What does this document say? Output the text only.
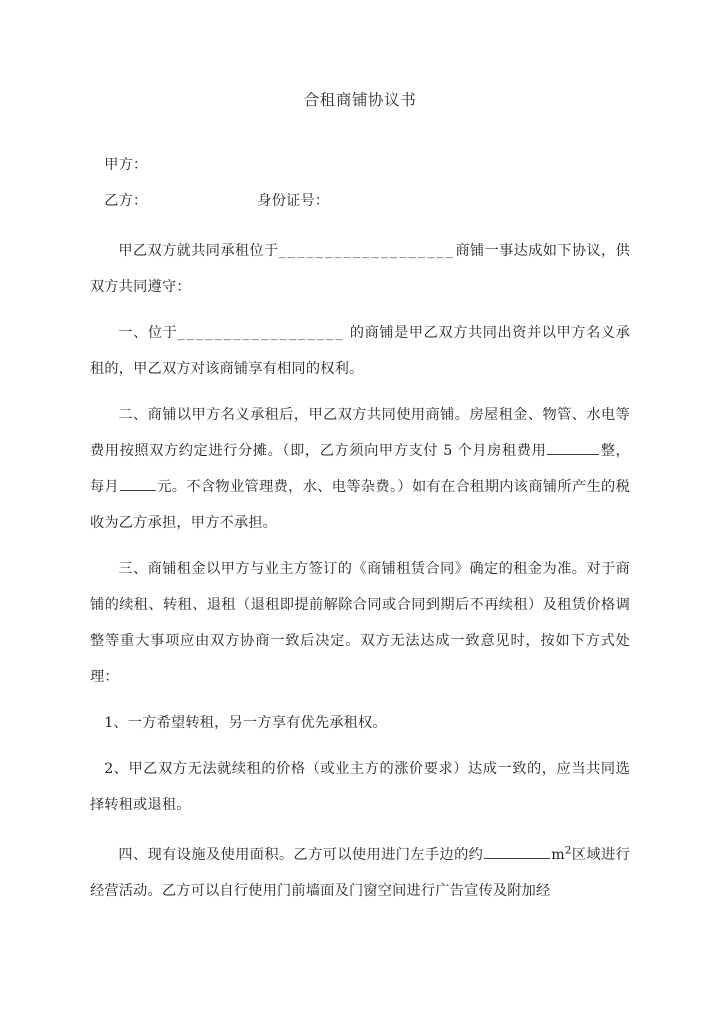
合租商铺协议书

甲方：

乙方：	身份证号：

甲乙双方就共同承租位于___________________商铺一事达成如下协议，供双方共同遵守：

一、位于__________________ 的商铺是甲乙双方共同出资并以甲方名义承租的，甲乙双方对该商铺享有相同的权利。

二、商铺以甲方名义承租后，甲乙双方共同使用商铺。房屋租金、物管、水电等费用按照双方约定进行分摊。（即，乙方须向甲方支付 5 个月房租费用	整，每月	元。不含物业管理费，水、电等杂费。）如有在合租期内该商铺所产生的税收为乙方承担，甲方不承担。

三、商铺租金以甲方与业主方签订的《商铺租赁合同》确定的租金为准。对于商铺的续租、转租、退租（退租即提前解除合同或合同到期后不再续租）及租赁价格调整等重大事项应由双方协商一致后决定。双方无法达成一致意见时，按如下方式处理：

1、一方希望转租，另一方享有优先承租权。

2、甲乙双方无法就续租的价格（或业主方的涨价要求）达成一致的，应当共同选择转租或退租。

四、现有设施及使用面积。乙方可以使用进门左手边的约	$m^2$区域进行经营活动。乙方可以自行使用门前墙面及门窗空间进行广告宣传及附加经
